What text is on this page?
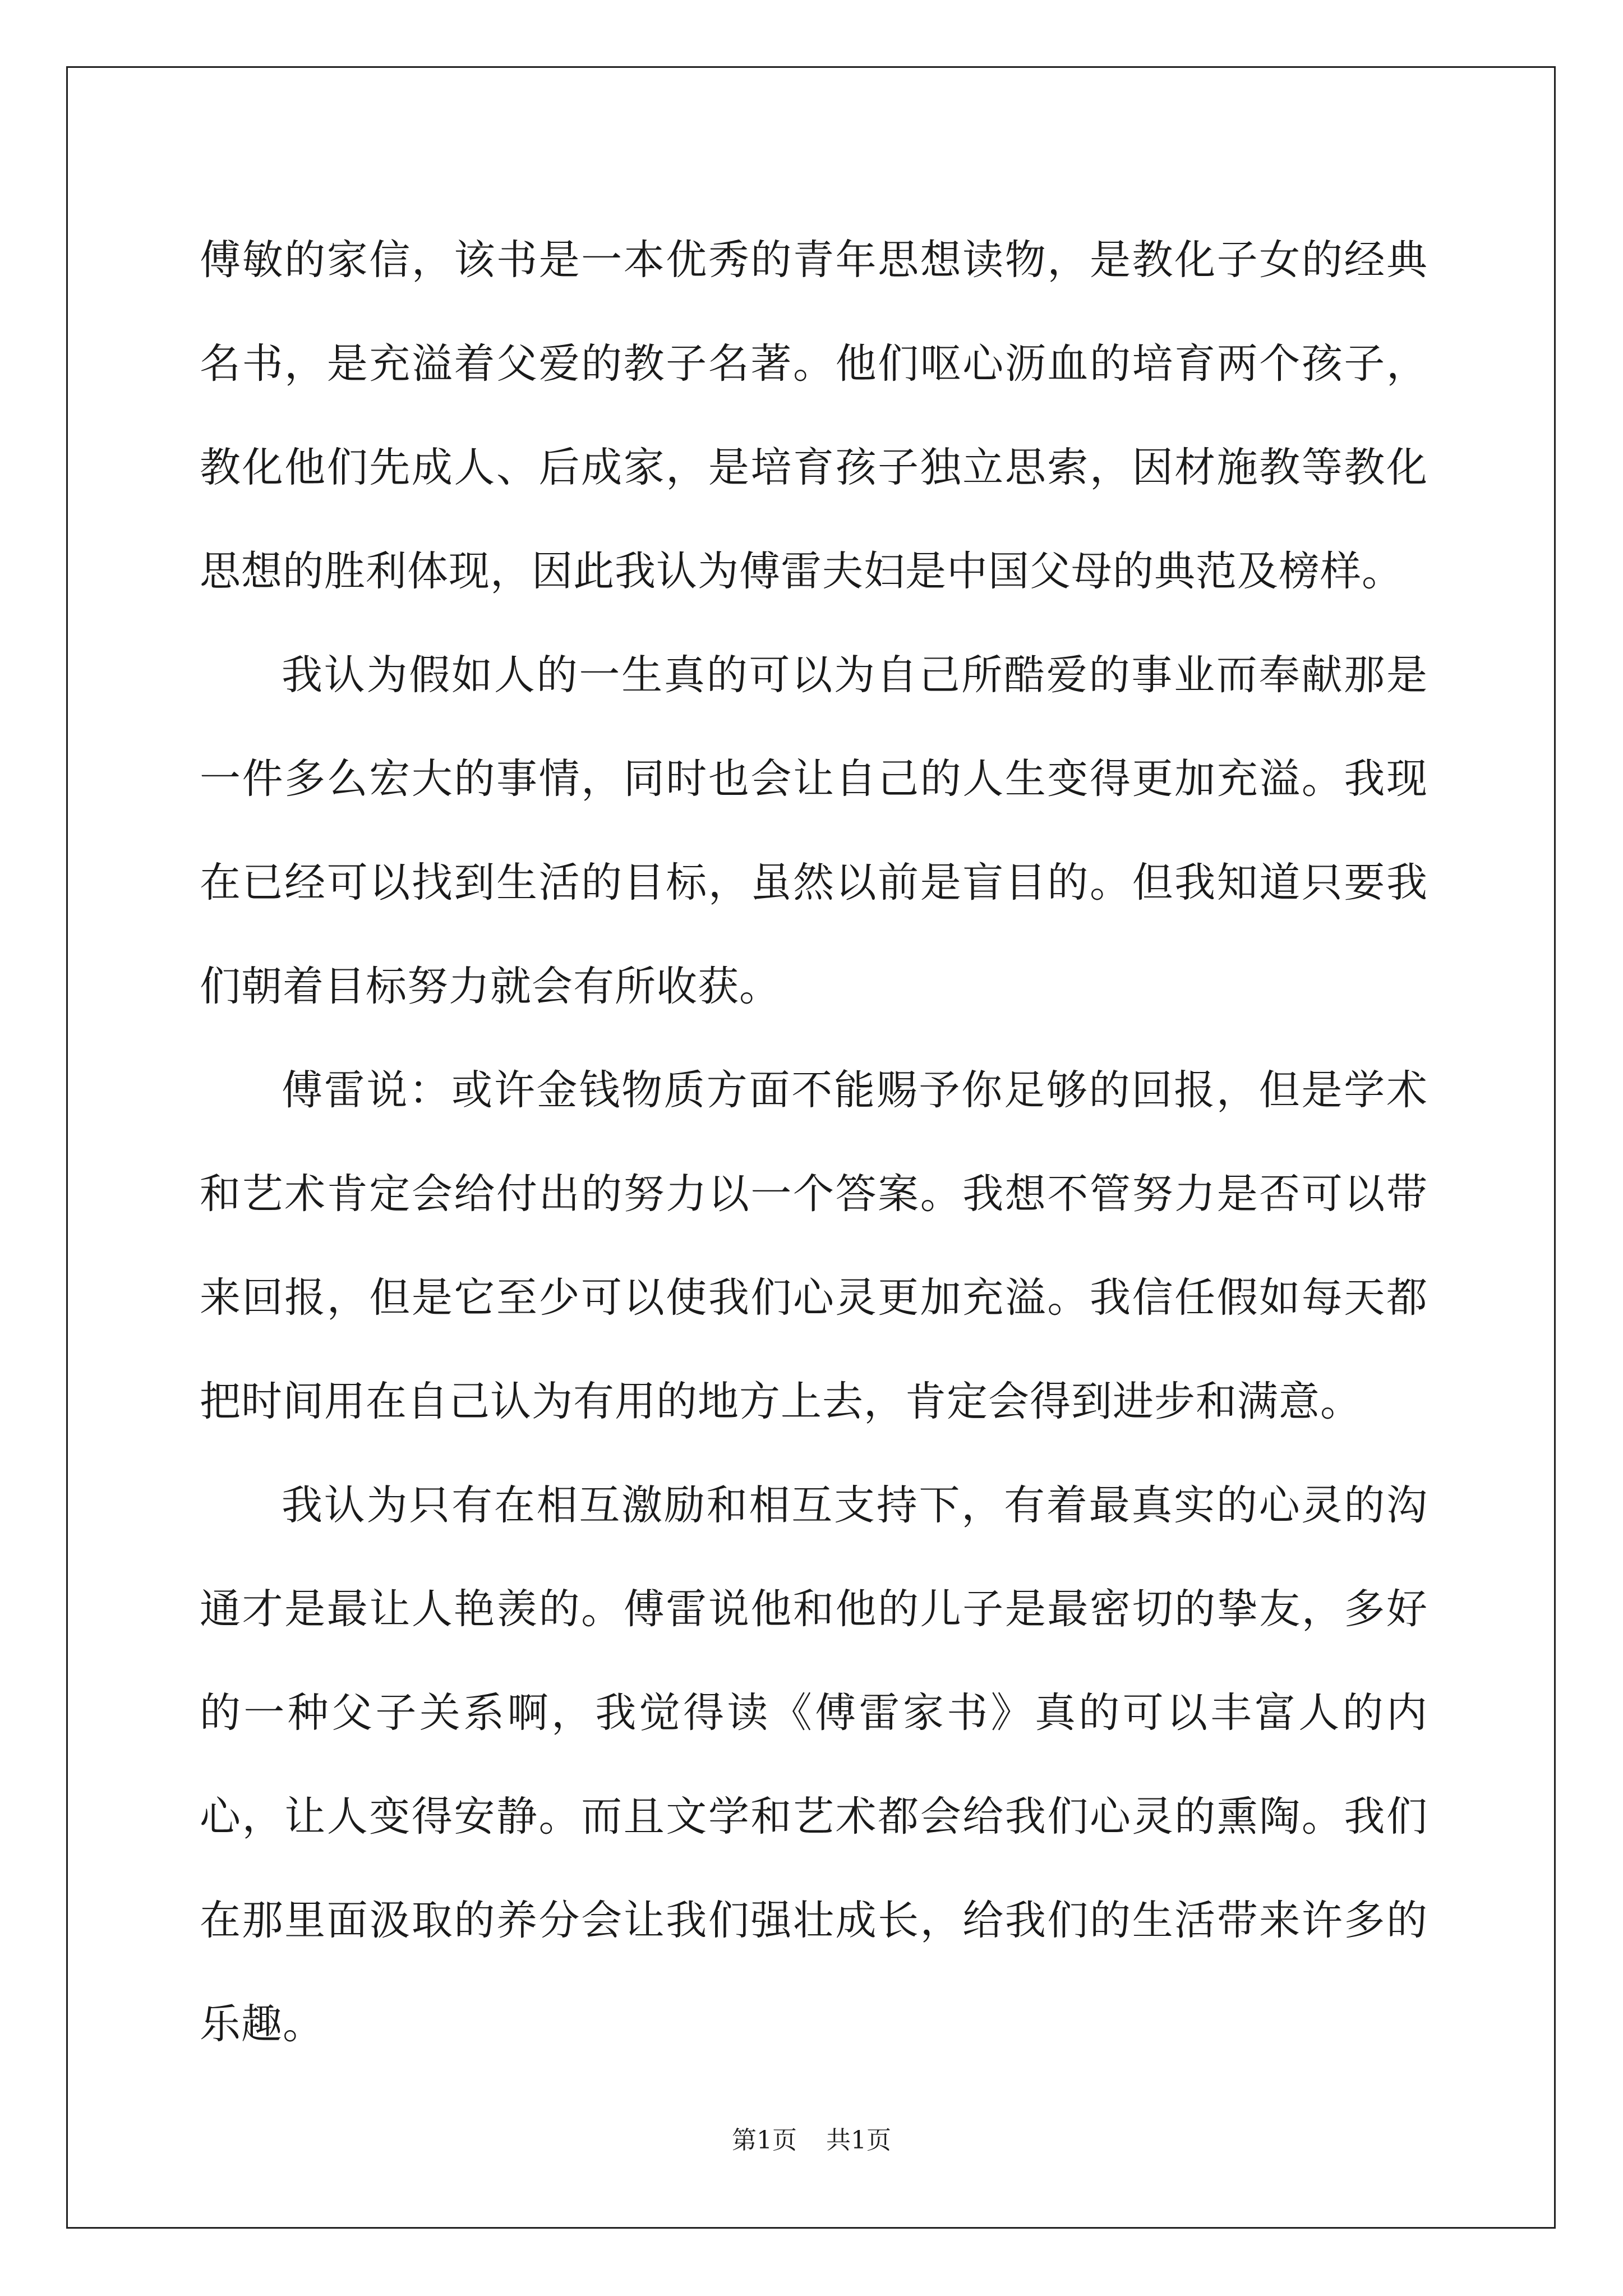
傅敏的家信，该书是一本优秀的青年思想读物，是教化子女的经典名书，是充溢着父爱的教子名著。他们呕心沥血的培育两个孩子，教化他们先成人、后成家，是培育孩子独立思索，因材施教等教化思想的胜利体现，因此我认为傅雷夫妇是中国父母的典范及榜样。

我认为假如人的一生真的可以为自己所酷爱的事业而奉献那是一件多么宏大的事情，同时也会让自己的人生变得更加充溢。我现在已经可以找到生活的目标，虽然以前是盲目的。但我知道只要我们朝着目标努力就会有所收获。

傅雷说：或许金钱物质方面不能赐予你足够的回报，但是学术和艺术肯定会给付出的努力以一个答案。我想不管努力是否可以带来回报，但是它至少可以使我们心灵更加充溢。我信任假如每天都把时间用在自己认为有用的地方上去，肯定会得到进步和满意。

我认为只有在相互激励和相互支持下，有着最真实的心灵的沟通才是最让人艳羡的。傅雷说他和他的儿子是最密切的挚友，多好的一种父子关系啊，我觉得读《傅雷家书》真的可以丰富人的内心，让人变得安静。而且文学和艺术都会给我们心灵的熏陶。我们在那里面汲取的养分会让我们强壮成长，给我们的生活带来许多的乐趣。

第1页 共1页
